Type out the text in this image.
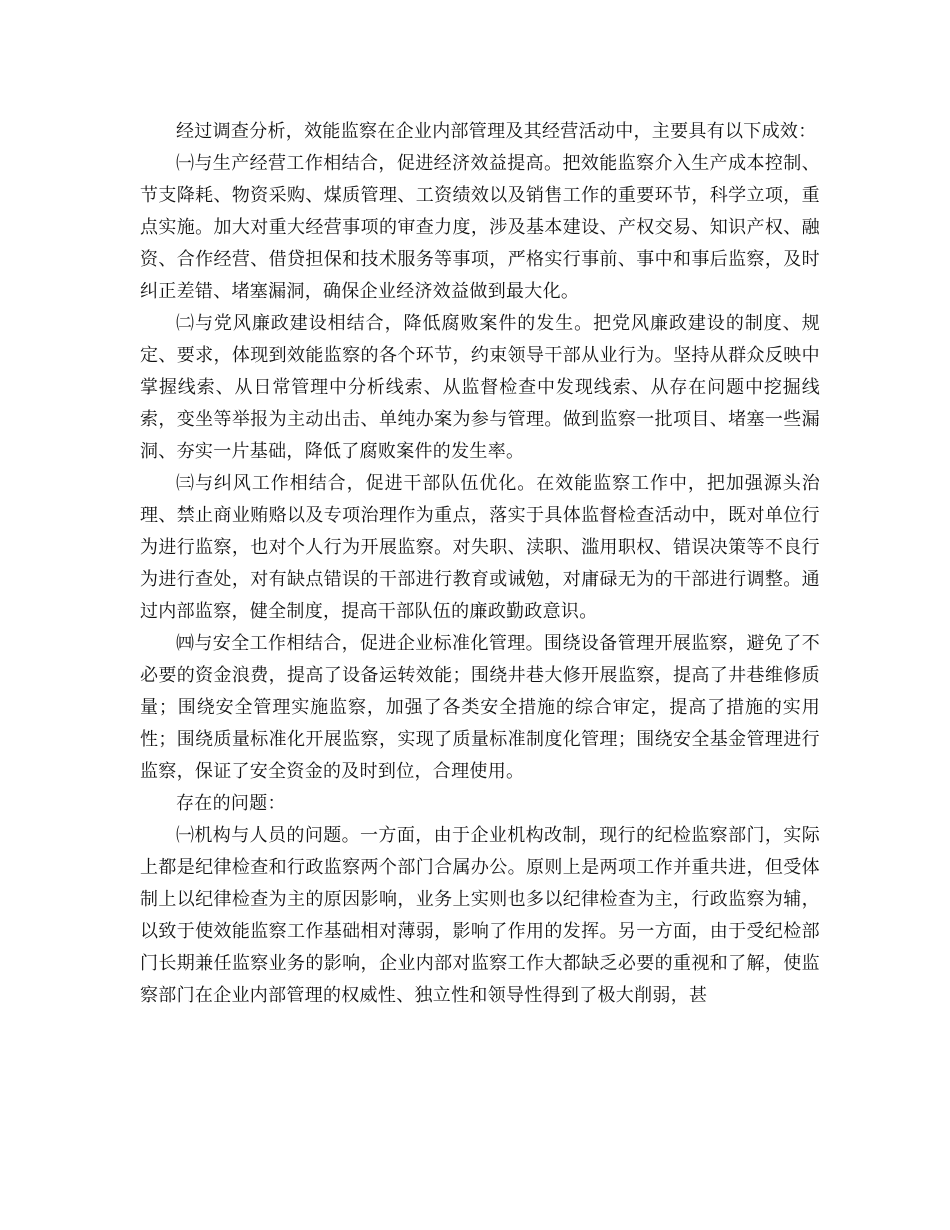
经过调查分析，效能监察在企业内部管理及其经营活动中，主要具有以下成效：

㈠与生产经营工作相结合，促进经济效益提高。把效能监察介入生产成本控制、节支降耗、物资采购、煤质管理、工资绩效以及销售工作的重要环节，科学立项，重点实施。加大对重大经营事项的审查力度，涉及基本建设、产权交易、知识产权、融资、合作经营、借贷担保和技术服务等事项，严格实行事前、事中和事后监察，及时纠正差错、堵塞漏洞，确保企业经济效益做到最大化。

㈡与党风廉政建设相结合，降低腐败案件的发生。把党风廉政建设的制度、规定、要求，体现到效能监察的各个环节，约束领导干部从业行为。坚持从群众反映中掌握线索、从日常管理中分析线索、从监督检查中发现线索、从存在问题中挖掘线索，变坐等举报为主动出击、单纯办案为参与管理。做到监察一批项目、堵塞一些漏洞、夯实一片基础，降低了腐败案件的发生率。

㈢与纠风工作相结合，促进干部队伍优化。在效能监察工作中，把加强源头治理、禁止商业贿赂以及专项治理作为重点，落实于具体监督检查活动中，既对单位行为进行监察，也对个人行为开展监察。对失职、渎职、滥用职权、错误决策等不良行为进行查处，对有缺点错误的干部进行教育或诫勉，对庸碌无为的干部进行调整。通过内部监察，健全制度，提高干部队伍的廉政勤政意识。

㈣与安全工作相结合，促进企业标准化管理。围绕设备管理开展监察，避免了不必要的资金浪费，提高了设备运转效能；围绕井巷大修开展监察，提高了井巷维修质量；围绕安全管理实施监察，加强了各类安全措施的综合审定，提高了措施的实用性；围绕质量标准化开展监察，实现了质量标准制度化管理；围绕安全基金管理进行监察，保证了安全资金的及时到位，合理使用。

存在的问题：

㈠机构与人员的问题。一方面，由于企业机构改制，现行的纪检监察部门，实际上都是纪律检查和行政监察两个部门合属办公。原则上是两项工作并重共进，但受体制上以纪律检查为主的原因影响，业务上实则也多以纪律检查为主，行政监察为辅，以致于使效能监察工作基础相对薄弱，影响了作用的发挥。另一方面，由于受纪检部门长期兼任监察业务的影响，企业内部对监察工作大都缺乏必要的重视和了解，使监察部门在企业内部管理的权威性、独立性和领导性得到了极大削弱，甚
